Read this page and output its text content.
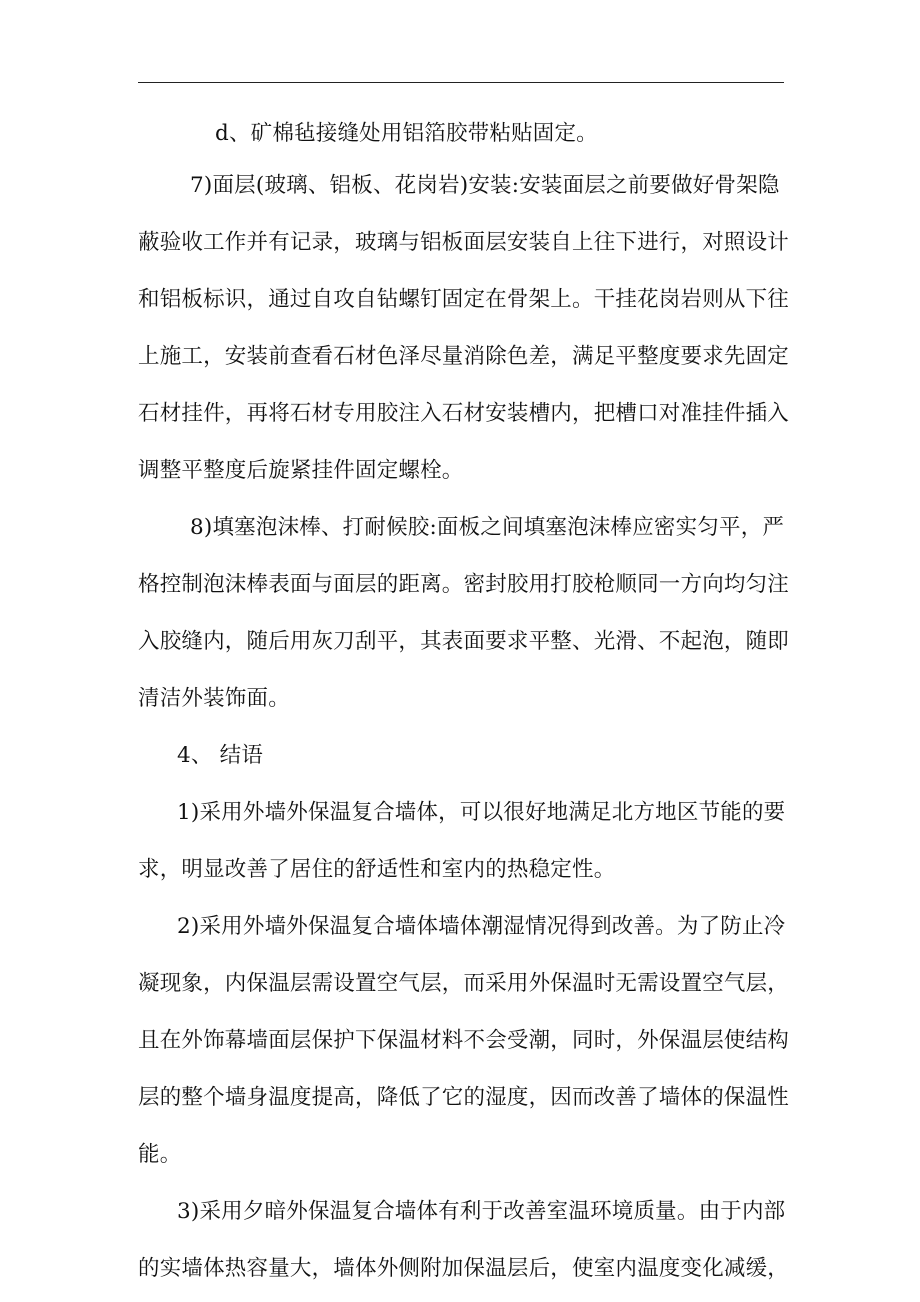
d、矿棉毡接缝处用铝箔胶带粘贴固定。
7)面层(玻璃、铝板、花岗岩)安装:安装面层之前要做好骨架隐
蔽验收工作并有记录，玻璃与铝板面层安装自上往下进行，对照设计
和铝板标识，通过自攻自钻螺钉固定在骨架上。干挂花岗岩则从下往
上施工，安装前查看石材色泽尽量消除色差，满足平整度要求先固定
石材挂件，再将石材专用胶注入石材安装槽内，把槽口对准挂件插入
调整平整度后旋紧挂件固定螺栓。
8)填塞泡沫棒、打耐候胶:面板之间填塞泡沫棒应密实匀平，严
格控制泡沫棒表面与面层的距离。密封胶用打胶枪顺同一方向均匀注
入胶缝内，随后用灰刀刮平，其表面要求平整、光滑、不起泡，随即
清洁外装饰面。
4、 结语
1)采用外墙外保温复合墙体，可以很好地满足北方地区节能的要
求，明显改善了居住的舒适性和室内的热稳定性。
2)采用外墙外保温复合墙体墙体潮湿情况得到改善。为了防止冷
凝现象，内保温层需设置空气层，而采用外保温时无需设置空气层，
且在外饰幕墙面层保护下保温材料不会受潮，同时，外保温层使结构
层的整个墙身温度提高，降低了它的湿度，因而改善了墙体的保温性
能。
3)采用夕暗外保温复合墙体有利于改善室温环境质量。由于内部
的实墙体热容量大，墙体外侧附加保温层后，使室内温度变化减缓，
